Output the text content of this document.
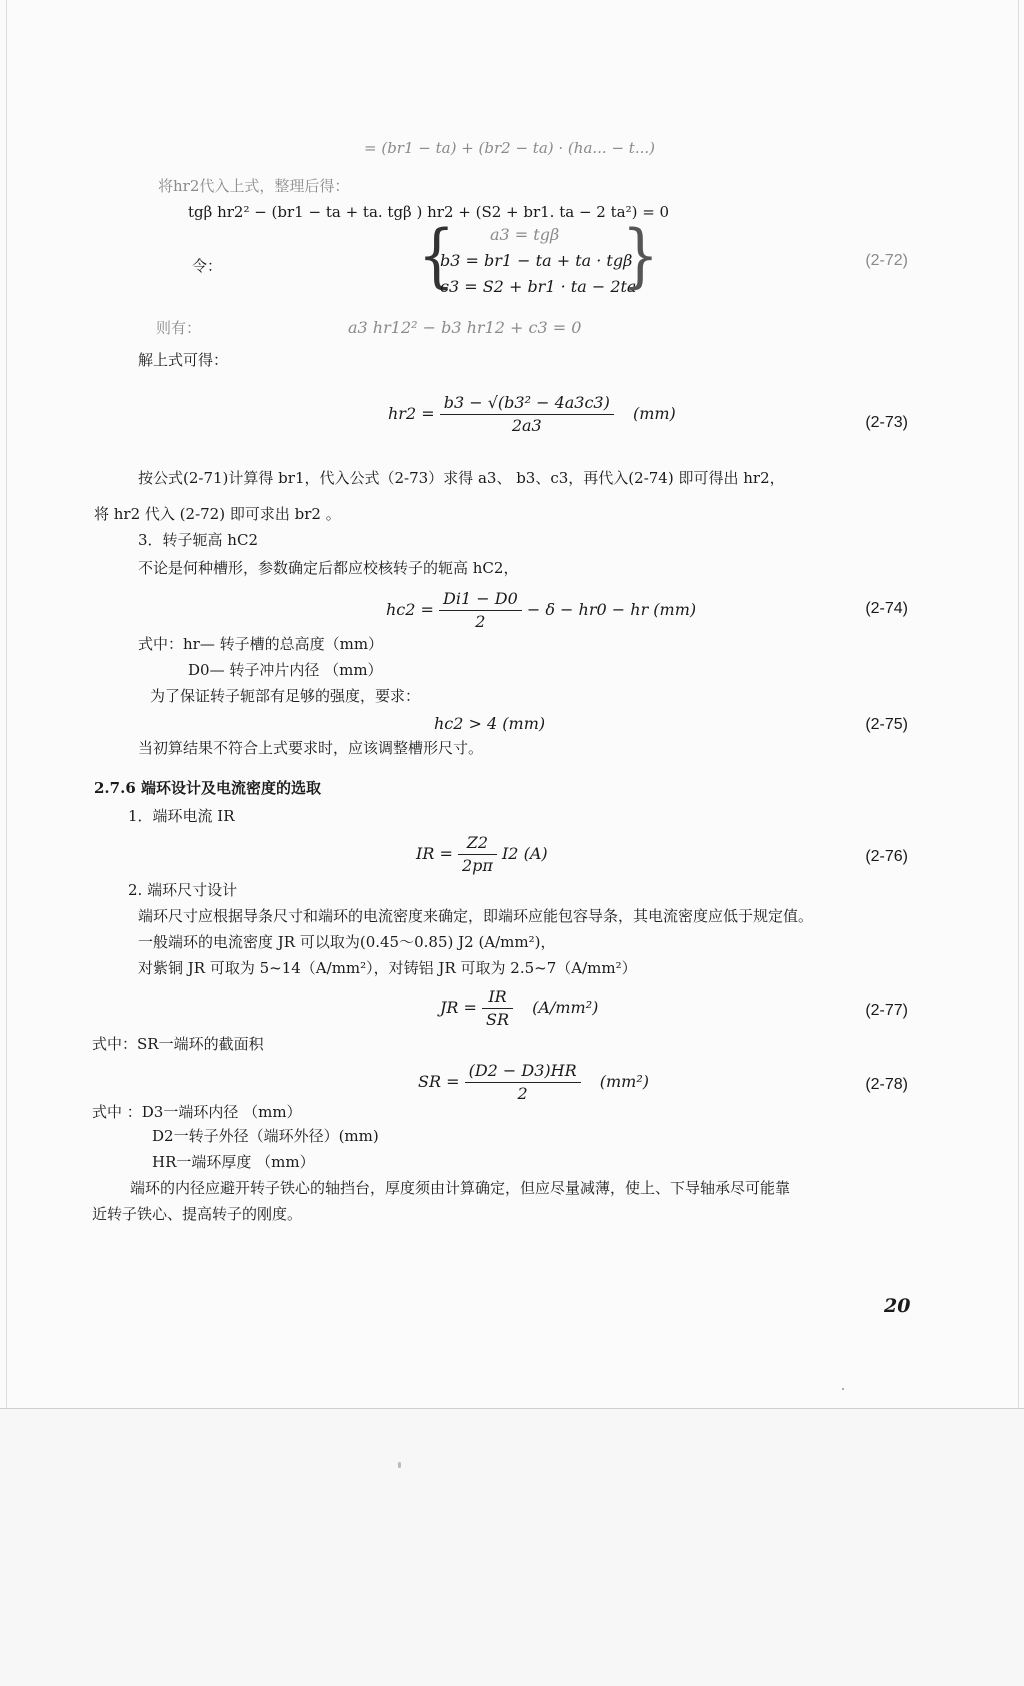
= (br1 − ta) + (br2 − ta) · (ha... − t...)
将hr2代入上式，整理后得：
tgβ hr2² − (br1 − ta + ta. tgβ ) hr2 + (S2 + br1. ta − 2 ta²) = 0
令：	{	a3 = tgβ
b3 = br1 − ta + ta · tgβ
c3 = S2 + br1 · ta − 2ta²
}	(2-72)
则有：	a3 hr12² − b3 hr12 + c3 = 0
解上式可得：
$hr2 = \frac{\text{b3 − √(b3² − 4a3c3)}}{2a3} (mm)$	(2-73)
按公式(2-71)计算得 br1，代入公式（2-73）求得 a3、 b3、c3，再代入(2-74) 即可得出 hr2，
将 hr2 代入 (2-72) 即可求出 br2 。
3．转子轭高 hC2
不论是何种槽形，参数确定后都应校核转子的轭高 hC2，
$hc2 = \frac{Di1 - D0}{2} - \delta - hr0$ − hr (mm)	(2-74)
式中：hr— 转子槽的总高度（mm）
D0— 转子冲片内径 （mm）
为了保证转子轭部有足够的强度，要求：
hc2 > 4 (mm)	(2-75)
当初算结果不符合上式要求时，应该调整槽形尺寸。
2.7.6 端环设计及电流密度的选取
1．端环电流 IR
IR = $\frac{Z2}{2p\pi} I2$ (A)	(2-76)
2. 端环尺寸设计
端环尺寸应根据导条尺寸和端环的电流密度来确定，即端环应能包容导条，其电流密度应低于规定值。
一般端环的电流密度 JR 可以取为(0.45～0.85) J2 (A/mm²)，
对紫铜 JR 可取为 5~14（A/mm²），对铸铝 JR 可取为 2.5~7（A/mm²）
JR = $\frac{IR}{SR} (A/mm^2)$	(2-77)
式中：SR一端环的截面积
SR = $\frac{(D2 - D3)HR}{2} (mm^2)$	(2-78)
式中 ：D3一端环内径 （mm）
D2一转子外径（端环外径）(mm)
HR一端环厚度 （mm）
端环的内径应避开转子铁心的轴挡台，厚度须由计算确定，但应尽量减薄，使上、下导轴承尽可能靠
近转子铁心、提高转子的刚度。
20
